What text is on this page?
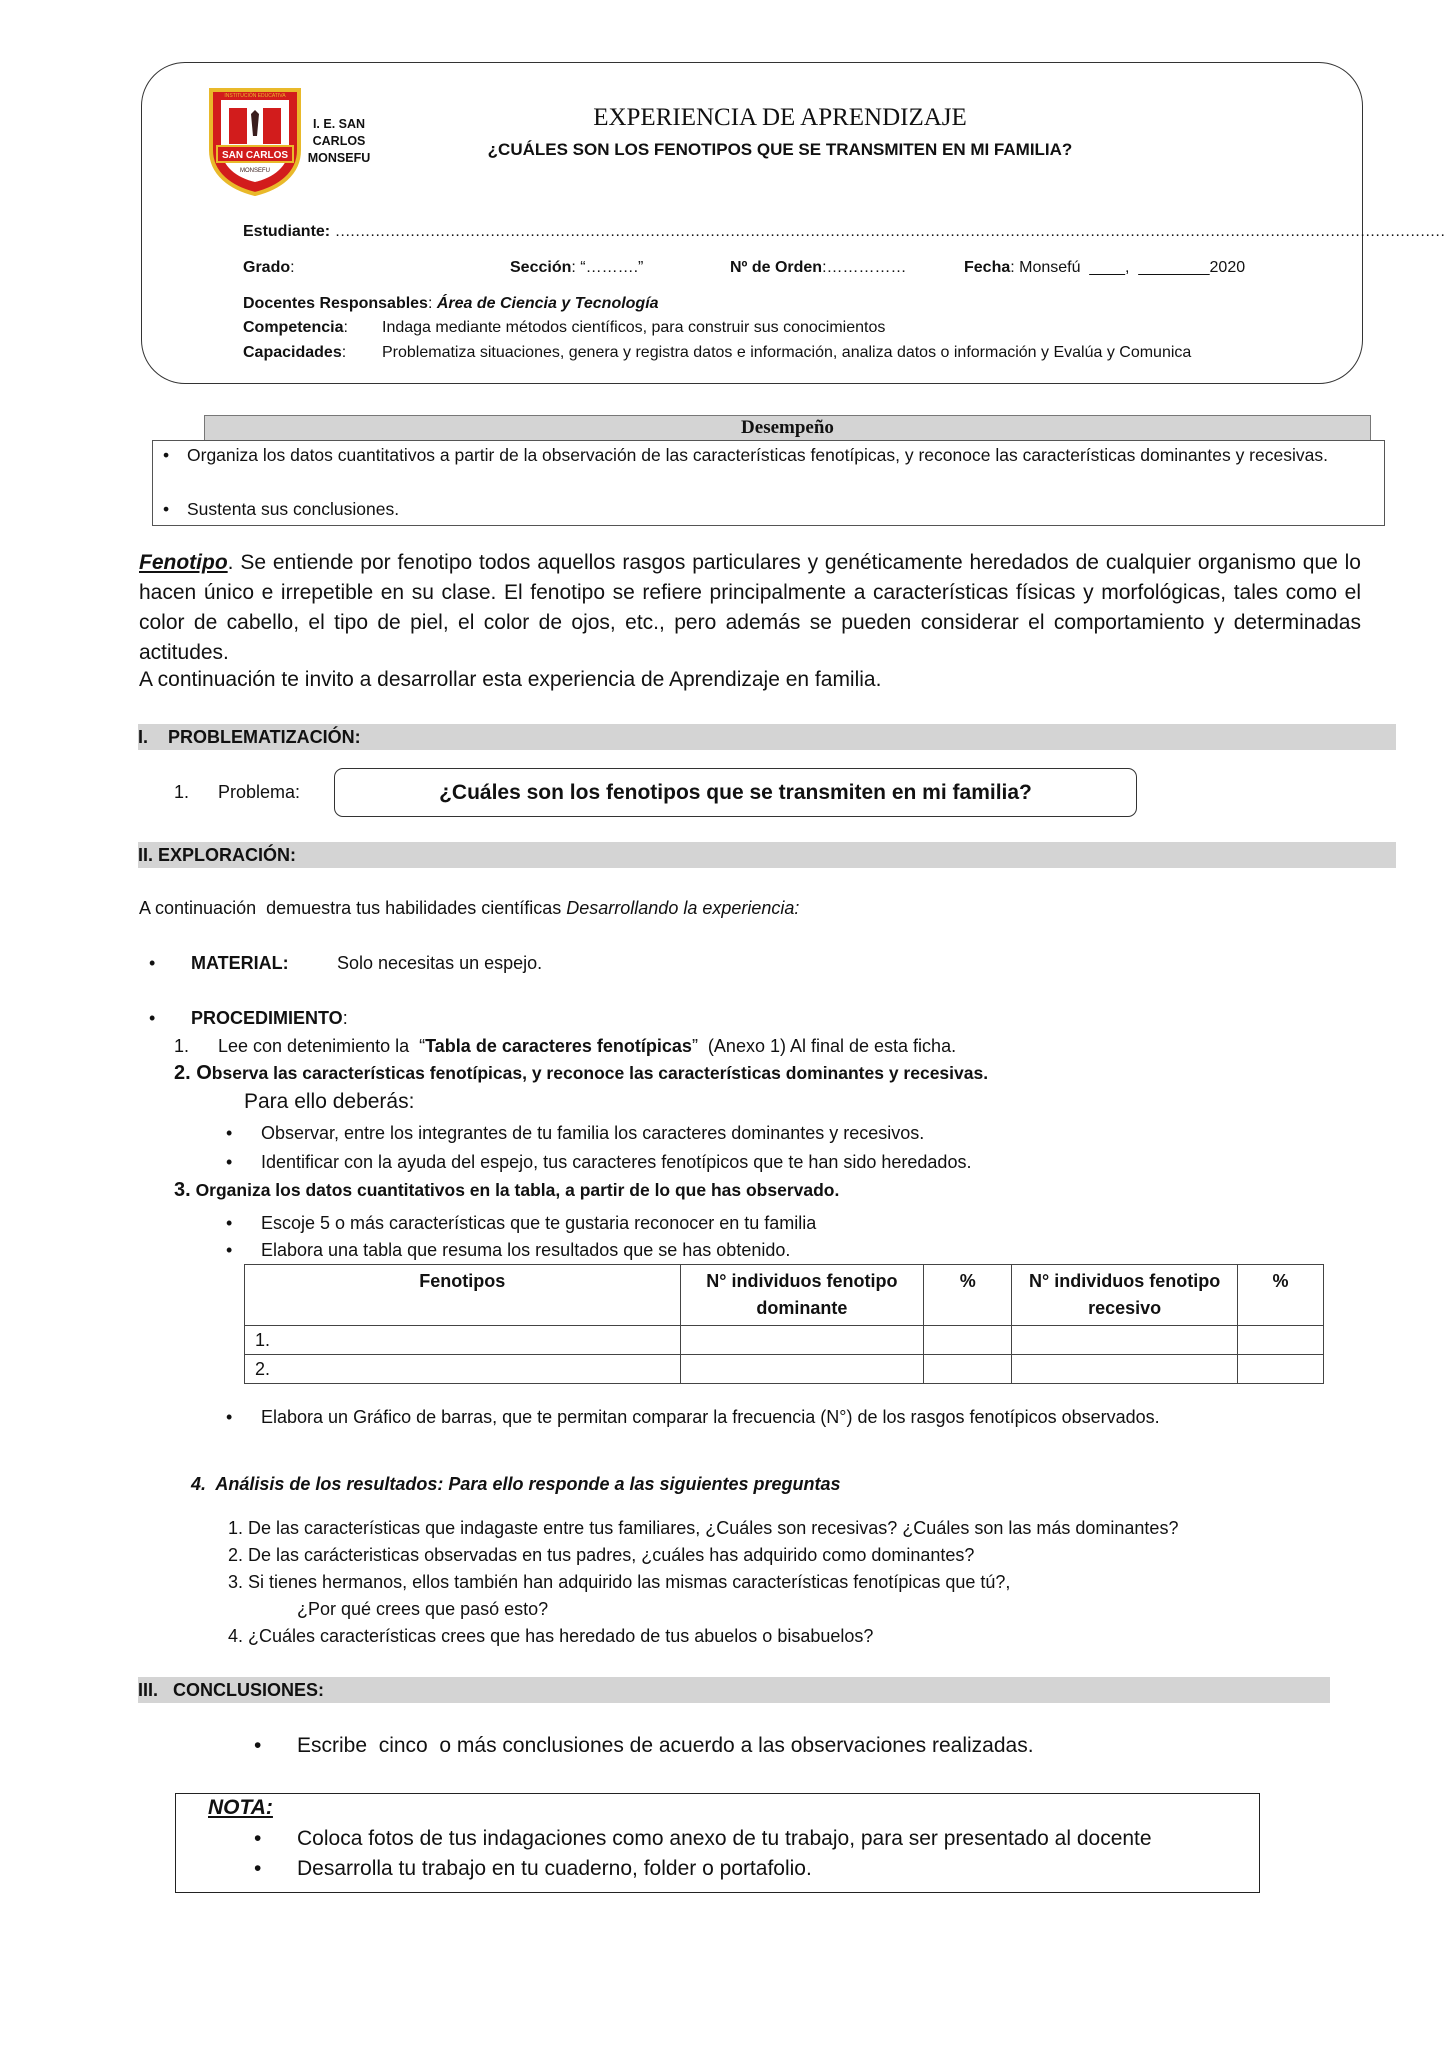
SAN CARLOS
INSTITUCIÓN EDUCATIVA
MONSEFU
I. E. SAN CARLOS MONSEFU
EXPERIENCIA DE APRENDIZAJE
¿CUÁLES SON LOS FENOTIPOS QUE SE TRANSMITEN EN MI FAMILIA?
Estudiante: ……………………………………………………………………………………………………………………………………………………………………………………………………
Grado:	Sección: “……….”	Nº de Orden:……………	Fecha: Monsefú  ____,  ________2020
Docentes Responsables: Área de Ciencia y Tecnología
Competencia: Indaga mediante métodos científicos, para construir sus conocimientos
Capacidades: Problematiza situaciones, genera y registra datos e información, analiza datos o información y Evalúa y Comunica
Desempeño
• Organiza los datos cuantitativos a partir de la observación de las características fenotípicas, y reconoce las características dominantes y recesivas.
• Sustenta sus conclusiones.
Fenotipo. Se entiende por fenotipo todos aquellos rasgos particulares y genéticamente heredados de cualquier organismo que lo hacen único e irrepetible en su clase. El fenotipo se refiere principalmente a características físicas y morfológicas, tales como el color de cabello, el tipo de piel, el color de ojos, etc., pero además se pueden considerar el comportamiento y determinadas actitudes.
A continuación te invito a desarrollar esta experiencia de Aprendizaje en familia.
I.    PROBLEMATIZACIÓN:
1. Problema:	¿Cuáles son los fenotipos que se transmiten en mi familia?
II. EXPLORACIÓN:
A continuación  demuestra tus habilidades científicas Desarrollando la experiencia:
• MATERIAL:	Solo necesitas un espejo.
• PROCEDIMIENTO:
1. Lee con detenimiento la  “Tabla de caracteres fenotípicas”  (Anexo 1) Al final de esta ficha.
2. Observa las características fenotípicas, y reconoce las características dominantes y recesivas.
Para ello deberás:
• Observar, entre los integrantes de tu familia los caracteres dominantes y recesivos.
• Identificar con la ayuda del espejo, tus caracteres fenotípicos que te han sido heredados.
3. Organiza los datos cuantitativos en la tabla, a partir de lo que has observado.
• Escoje 5 o más características que te gustaria reconocer en tu familia
• Elabora una tabla que resuma los resultados que se has obtenido.
Fenotipos	N° individuos fenotipo dominante	%	N° individuos fenotipo recesivo	%
1.				
2.				
• Elabora un Gráfico de barras, que te permitan comparar la frecuencia (N°) de los rasgos fenotípicos observados.
4.  Análisis de los resultados: Para ello responde a las siguientes preguntas
1. De las características que indagaste entre tus familiares, ¿Cuáles son recesivas? ¿Cuáles son las más dominantes?
2. De las carácteristicas observadas en tus padres, ¿cuáles has adquirido como dominantes?
3. Si tienes hermanos, ellos también han adquirido las mismas características fenotípicas que tú?,
¿Por qué crees que pasó esto?
4. ¿Cuáles características crees que has heredado de tus abuelos o bisabuelos?
III.   CONCLUSIONES:
• Escribe  cinco  o más conclusiones de acuerdo a las observaciones realizadas.
NOTA:
• Coloca fotos de tus indagaciones como anexo de tu trabajo, para ser presentado al docente
• Desarrolla tu trabajo en tu cuaderno, folder o portafolio.
